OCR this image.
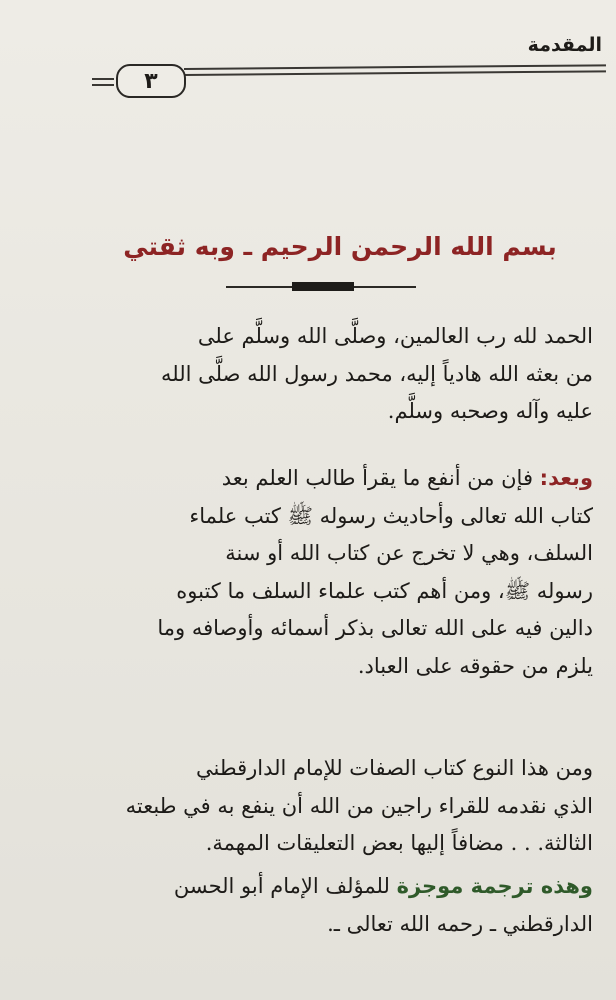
المقدمة
٣
بسم الله الرحمن الرحيم ـ وبه ثقتي

الحمد لله رب العالمين، وصلَّى الله وسلَّم على
من بعثه الله هادياً إليه، محمد رسول الله صلَّى الله
عليه وآله وصحبه وسلَّم.

وبعد: فإن من أنفع ما يقرأ طالب العلم بعد
كتاب الله تعالى وأحاديث رسوله ﷺ كتب علماء
السلف، وهي لا تخرج عن كتاب الله أو سنة
رسوله ﷺ، ومن أهم كتب علماء السلف ما كتبوه
دالين فيه على الله تعالى بذكر أسمائه وأوصافه وما
يلزم من حقوقه على العباد.

ومن هذا النوع كتاب الصفات للإمام الدارقطني
الذي نقدمه للقراء راجين من الله أن ينفع به في طبعته
الثالثة. . . مضافاً إليها بعض التعليقات المهمة.

وهذه ترجمة موجزة للمؤلف الإمام أبو الحسن
الدارقطني ـ رحمه الله تعالى ـ.
